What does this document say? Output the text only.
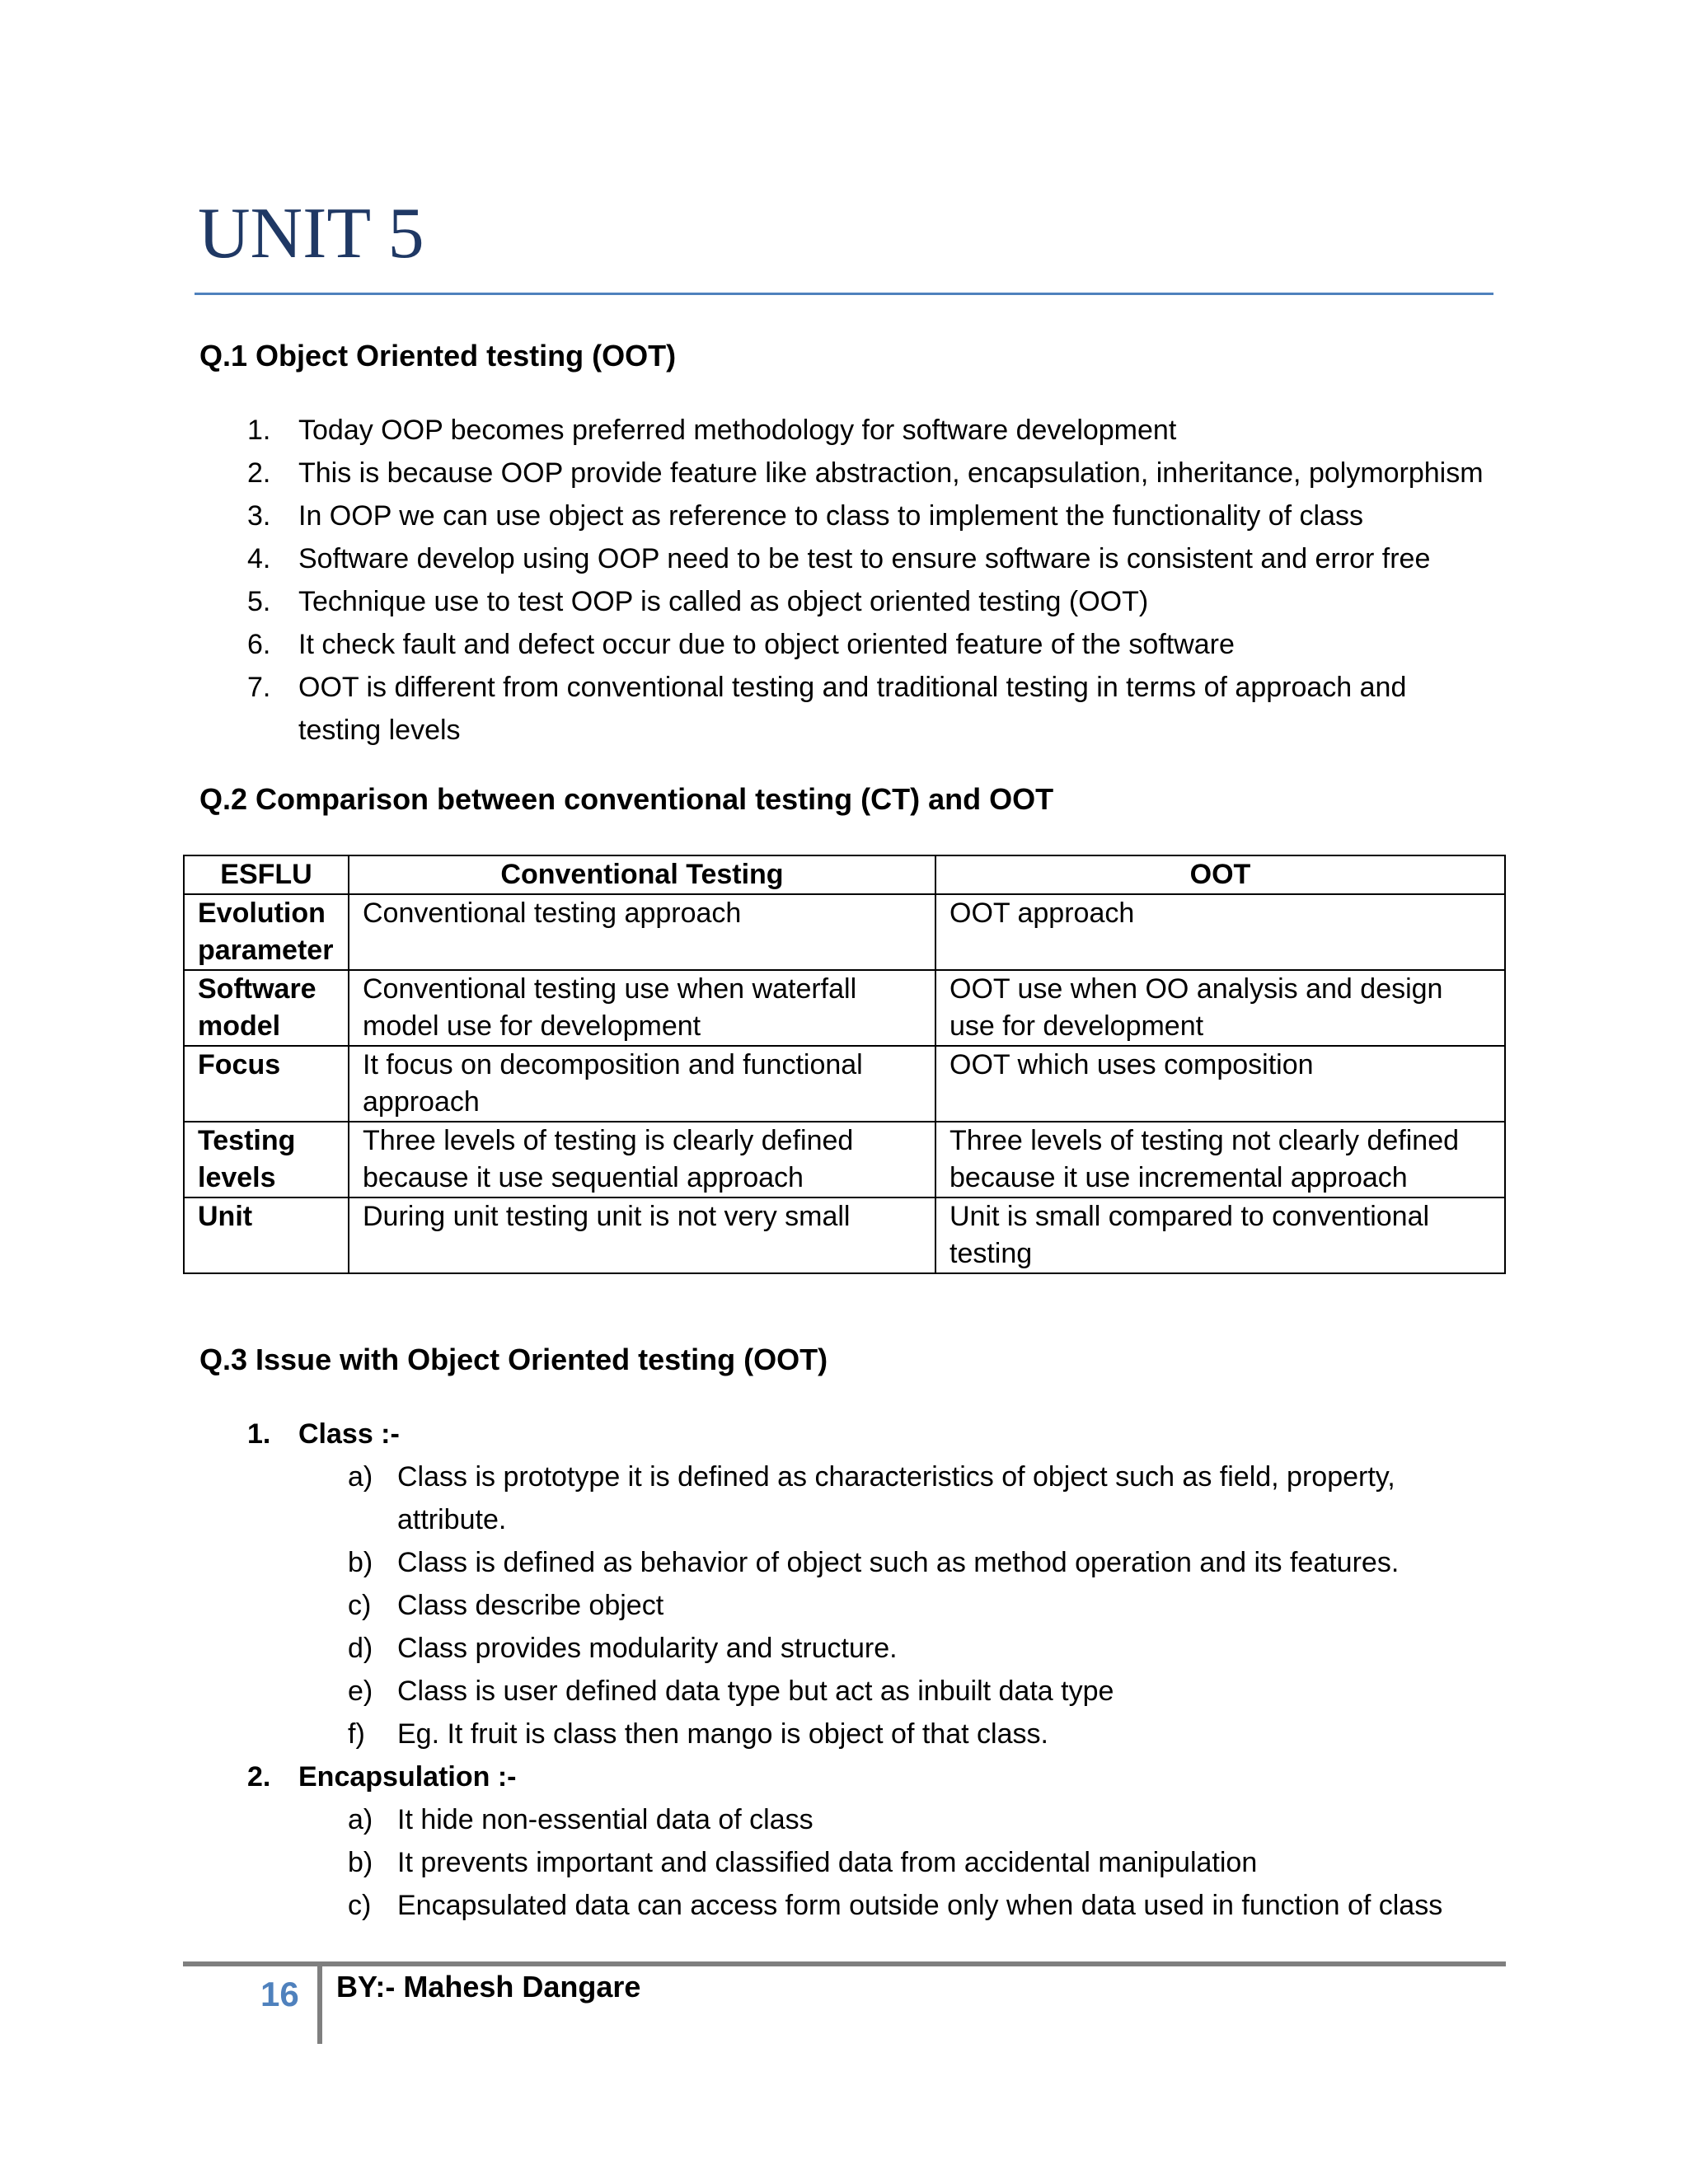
UNIT 5
Q.1 Object Oriented testing (OOT)
1. Today OOP becomes preferred methodology for software development
2. This is because OOP provide feature like abstraction, encapsulation, inheritance, polymorphism
3. In OOP we can use object as reference to class to implement the functionality of class
4. Software develop using OOP need to be test to ensure software is consistent and error free
5. Technique use to test OOP is called as object oriented testing (OOT)
6. It check fault and defect occur due to object oriented feature of the software
7. OOT is different from conventional testing and traditional testing in terms of approach and
testing levels
Q.2 Comparison between conventional testing (CT) and OOT
ESFLU	Conventional Testing	OOT
Evolution parameter	Conventional testing approach	OOT approach
Software model	Conventional testing use when waterfall model use for development	OOT use when OO analysis and design use for development
Focus	It focus on decomposition and functional approach	OOT which uses composition
Testing levels	Three levels of testing is clearly defined because it use sequential approach	Three levels of testing not clearly defined because it use incremental approach
Unit	During unit testing unit is not very small	Unit is small compared to conventional testing
Q.3 Issue with Object Oriented testing (OOT)
1. Class :-
a) Class is prototype it is defined as characteristics of object such as field, property,
attribute.
b) Class is defined as behavior of object such as method operation and its features.
c) Class describe object
d) Class provides modularity and structure.
e) Class is user defined data type but act as inbuilt data type
f) Eg. It fruit is class then mango is object of that class.
2. Encapsulation :-
a) It hide non-essential data of class
b) It prevents important and classified data from accidental manipulation
c) Encapsulated data can access form outside only when data used in function of class
16 BY:- Mahesh Dangare
